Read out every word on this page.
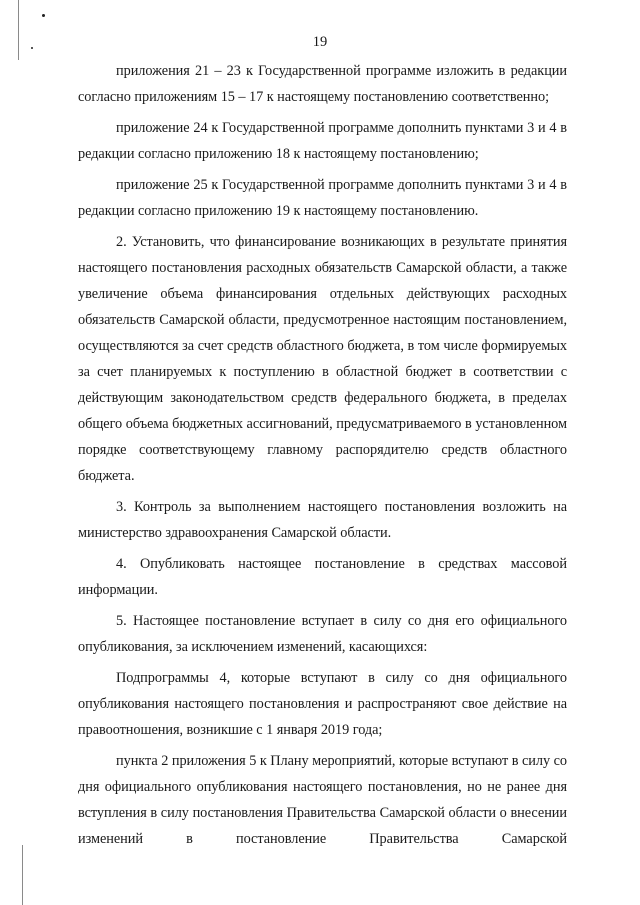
19

приложения 21 – 23 к Государственной программе изложить в редакции согласно приложениям 15 – 17 к настоящему постановлению соответственно;

приложение 24 к Государственной программе дополнить пунктами 3 и 4 в редакции согласно приложению 18 к настоящему постановлению;

приложение 25 к Государственной программе дополнить пунктами 3 и 4 в редакции согласно приложению 19 к настоящему постановлению.

2. Установить, что финансирование возникающих в результате принятия настоящего постановления расходных обязательств Самарской области, а также увеличение объема финансирования отдельных действующих расходных обязательств Самарской области, предусмотренное настоящим постановлением, осуществляются за счет средств областного бюджета, в том числе формируемых за счет планируемых к поступлению в областной бюджет в соответствии с действующим законодательством средств федерального бюджета, в пределах общего объема бюджетных ассигнований, предусматриваемого в установленном порядке соответствующему главному распорядителю средств областного бюджета.

3. Контроль за выполнением настоящего постановления возложить на министерство здравоохранения Самарской области.

4. Опубликовать настоящее постановление в средствах массовой информации.

5. Настоящее постановление вступает в силу со дня его официального опубликования, за исключением изменений, касающихся:

Подпрограммы 4, которые вступают в силу со дня официального опубликования настоящего постановления и распространяют свое действие на правоотношения, возникшие с 1 января 2019 года;

пункта 2 приложения 5 к Плану мероприятий, которые вступают в силу со дня официального опубликования настоящего постановления, но не ранее дня вступления в силу постановления Правительства Самарской области о внесении изменений в постановление Правительства Самарской
